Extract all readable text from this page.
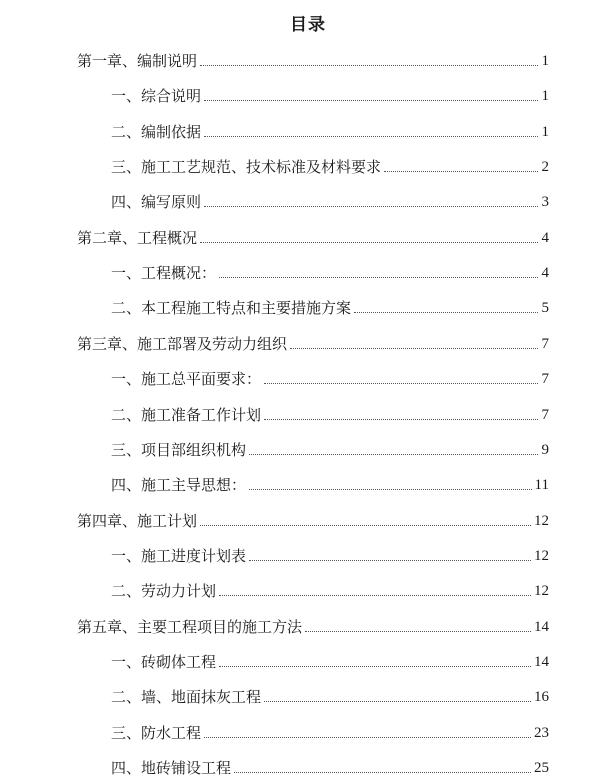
目录
第一章、编制说明	1
一、综合说明	1
二、编制依据	1
三、施工工艺规范、技术标准及材料要求	2
四、编写原则	3
第二章、工程概况	4
一、工程概况：	4
二、本工程施工特点和主要措施方案	5
第三章、施工部署及劳动力组织	7
一、施工总平面要求：	7
二、施工准备工作计划	7
三、项目部组织机构	9
四、施工主导思想：	11
第四章、施工计划	12
一、施工进度计划表	12
二、劳动力计划	12
第五章、主要工程项目的施工方法	14
一、砖砌体工程	14
二、墙、地面抹灰工程	16
三、防水工程	23
四、地砖铺设工程	25
